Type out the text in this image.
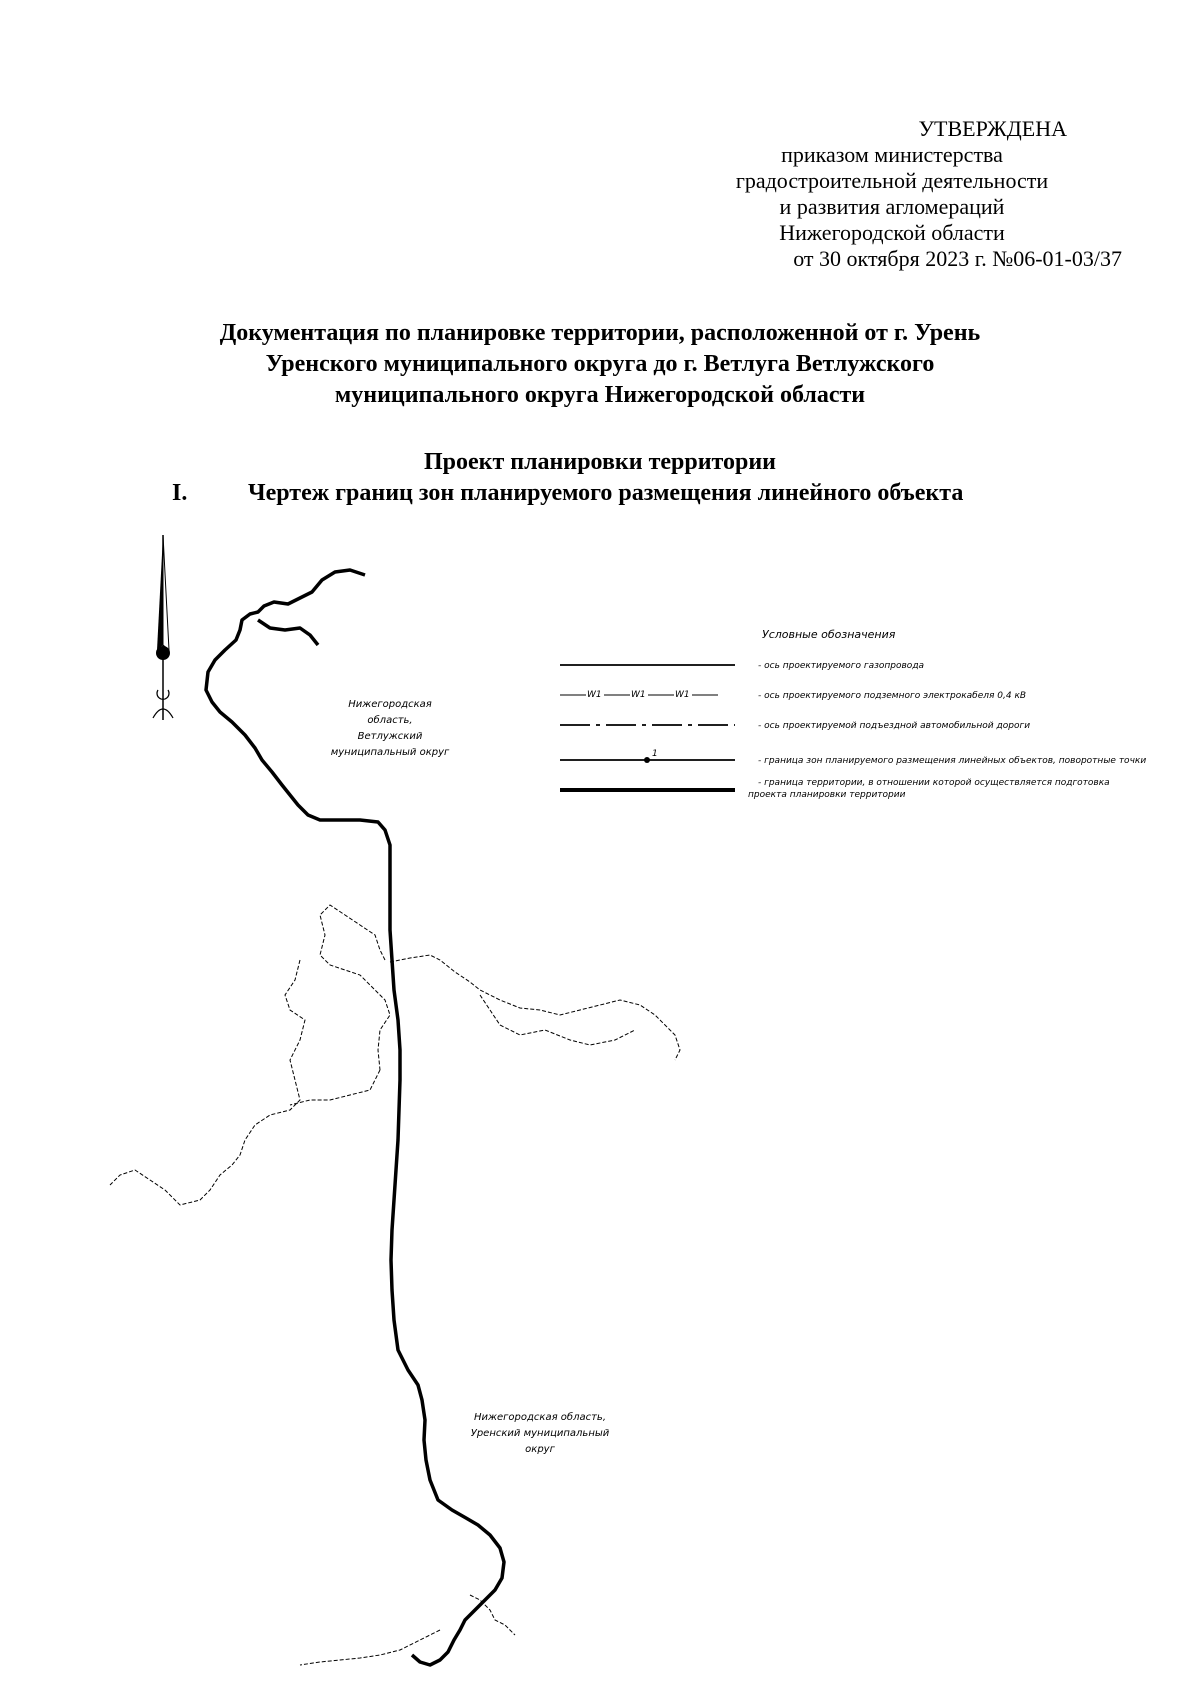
УТВЕРЖДЕНА
приказом министерства
градостроительной деятельности
и развития агломераций
Нижегородской области
от 30 октября 2023 г. №06-01-03/37
Документация по планировке территории, расположенной от г. Урень
Уренского муниципального округа до г. Ветлуга Ветлужского
муниципального округа Нижегородской области
Проект планировки территории
I.	Чертеж границ зон планируемого размещения линейного объекта
Условные обозначения
- ось проектируемого газопровода
W1	W1	W1	- ось проектируемого подземного электрокабеля 0,4 кВ
- ось проектируемой подъездной автомобильной дороги
1
- граница зон планируемого размещения линейных объектов, поворотные точки
- граница территории, в отношении которой осуществляется подготовка
проекта планировки территории
Нижегородская
область,
Ветлужский
муниципальный округ
Нижегородская область,
Уренский муниципальный
округ
